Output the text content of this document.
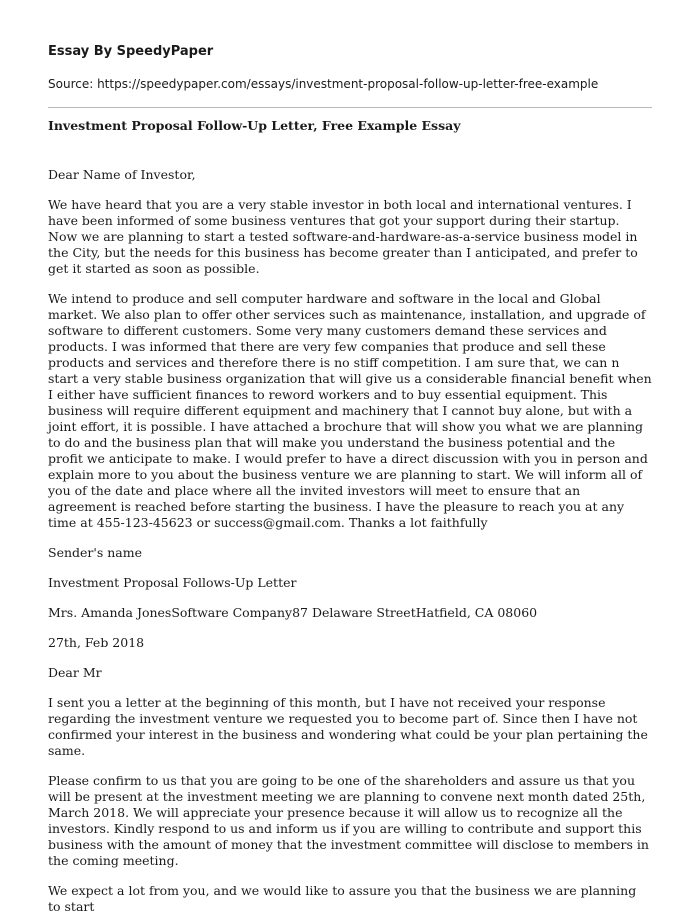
Essay By SpeedyPaper

Source: https://speedypaper.com/essays/investment-proposal-follow-up-letter-free-example

Investment Proposal Follow-Up Letter, Free Example Essay

Dear Name of Investor,

We have heard that you are a very stable investor in both local and international ventures. I have been informed of some business ventures that got your support during their startup. Now we are planning to start a tested software-and-hardware-as-a-service business model in the City, but the needs for this business has become greater than I anticipated, and prefer to get it started as soon as possible.

We intend to produce and sell computer hardware and software in the local and Global market. We also plan to offer other services such as maintenance, installation, and upgrade of software to different customers. Some very many customers demand these services and products. I was informed that there are very few companies that produce and sell these products and services and therefore there is no stiff competition. I am sure that, we can n start a very stable business organization that will give us a considerable financial benefit when I either have sufficient finances to reword workers and to buy essential equipment. This business will require different equipment and machinery that I cannot buy alone, but with a joint effort, it is possible. I have attached a brochure that will show you what we are planning to do and the business plan that will make you understand the business potential and the profit we anticipate to make. I would prefer to have a direct discussion with you in person and explain more to you about the business venture we are planning to start. We will inform all of you of the date and place where all the invited investors will meet to ensure that an agreement is reached before starting the business. I have the pleasure to reach you at any time at 455-123-45623 or success@gmail.com. Thanks a lot faithfully

Sender's name

Investment Proposal Follows-Up Letter

Mrs. Amanda JonesSoftware Company87 Delaware StreetHatfield, CA 08060

27th, Feb 2018

Dear Mr

I sent you a letter at the beginning of this month, but I have not received your response regarding the investment venture we requested you to become part of. Since then I have not confirmed your interest in the business and wondering what could be your plan pertaining the same.

Please confirm to us that you are going to be one of the shareholders and assure us that you will be present at the investment meeting we are planning to convene next month dated 25th, March 2018. We will appreciate your presence because it will allow us to recognize all the investors. Kindly respond to us and inform us if you are willing to contribute and support this business with the amount of money that the investment committee will disclose to members in the coming meeting.

We expect a lot from you, and we would like to assure you that the business we are planning to start
